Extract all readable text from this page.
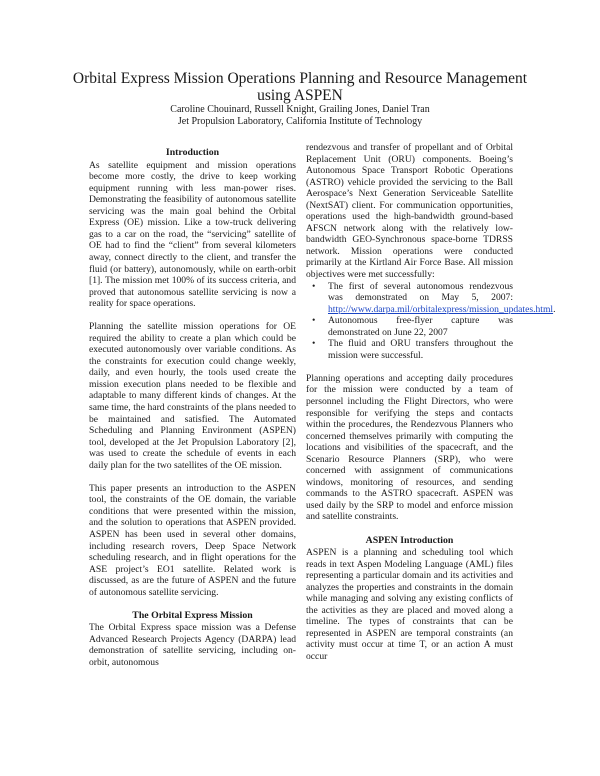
Orbital Express Mission Operations Planning and Resource Management
using ASPEN
Caroline Chouinard, Russell Knight, Grailing Jones, Daniel Tran
Jet Propulsion Laboratory, California Institute of Technology
Introduction

As satellite equipment and mission operations become more costly, the drive to keep working equipment running with less man-power rises. Demonstrating the feasibility of autonomous satellite servicing was the main goal behind the Orbital Express (OE) mission. Like a tow-truck delivering gas to a car on the road, the “servicing” satellite of OE had to find the “client” from several kilometers away, connect directly to the client, and transfer the fluid (or battery), autonomously, while on earth-orbit [1]. The mission met 100% of its success criteria, and proved that autonomous satellite servicing is now a reality for space operations.

Planning the satellite mission operations for OE required the ability to create a plan which could be executed autonomously over variable conditions. As the constraints for execution could change weekly, daily, and even hourly, the tools used create the mission execution plans needed to be flexible and adaptable to many different kinds of changes. At the same time, the hard constraints of the plans needed to be maintained and satisfied. The Automated Scheduling and Planning Environment (ASPEN) tool, developed at the Jet Propulsion Laboratory [2], was used to create the schedule of events in each daily plan for the two satellites of the OE mission.

This paper presents an introduction to the ASPEN tool, the constraints of the OE domain, the variable conditions that were presented within the mission, and the solution to operations that ASPEN provided. ASPEN has been used in several other domains, including research rovers, Deep Space Network scheduling research, and in flight operations for the ASE project’s EO1 satellite. Related work is discussed, as are the future of ASPEN and the future of autonomous satellite servicing.

The Orbital Express Mission

The Orbital Express space mission was a Defense Advanced Research Projects Agency (DARPA) lead demonstration of satellite servicing, including on-orbit, autonomous

rendezvous and transfer of propellant and of Orbital Replacement Unit (ORU) components. Boeing’s Autonomous Space Transport Robotic Operations (ASTRO) vehicle provided the servicing to the Ball Aerospace’s Next Generation Serviceable Satellite (NextSAT) client. For communication opportunities, operations used the high-bandwidth ground-based AFSCN network along with the relatively low-bandwidth GEO-Synchronous space-borne TDRSS network. Mission operations were conducted primarily at the Kirtland Air Force Base. All mission objectives were met successfully:

• The first of several autonomous rendezvous was demonstrated on May 5, 2007: http://www.darpa.mil/orbitalexpress/mission_updates.html.
• Autonomous free-flyer capture was demonstrated on June 22, 2007
• The fluid and ORU transfers throughout the mission were successful.

Planning operations and accepting daily procedures for the mission were conducted by a team of personnel including the Flight Directors, who were responsible for verifying the steps and contacts within the procedures, the Rendezvous Planners who concerned themselves primarily with computing the locations and visibilities of the spacecraft, and the Scenario Resource Planners (SRP), who were concerned with assignment of communications windows, monitoring of resources, and sending commands to the ASTRO spacecraft. ASPEN was used daily by the SRP to model and enforce mission and satellite constraints.

ASPEN Introduction

ASPEN is a planning and scheduling tool which reads in text Aspen Modeling Language (AML) files representing a particular domain and its activities and analyzes the properties and constraints in the domain while managing and solving any existing conflicts of the activities as they are placed and moved along a timeline. The types of constraints that can be represented in ASPEN are temporal constraints (an activity must occur at time T, or an action A must occur
